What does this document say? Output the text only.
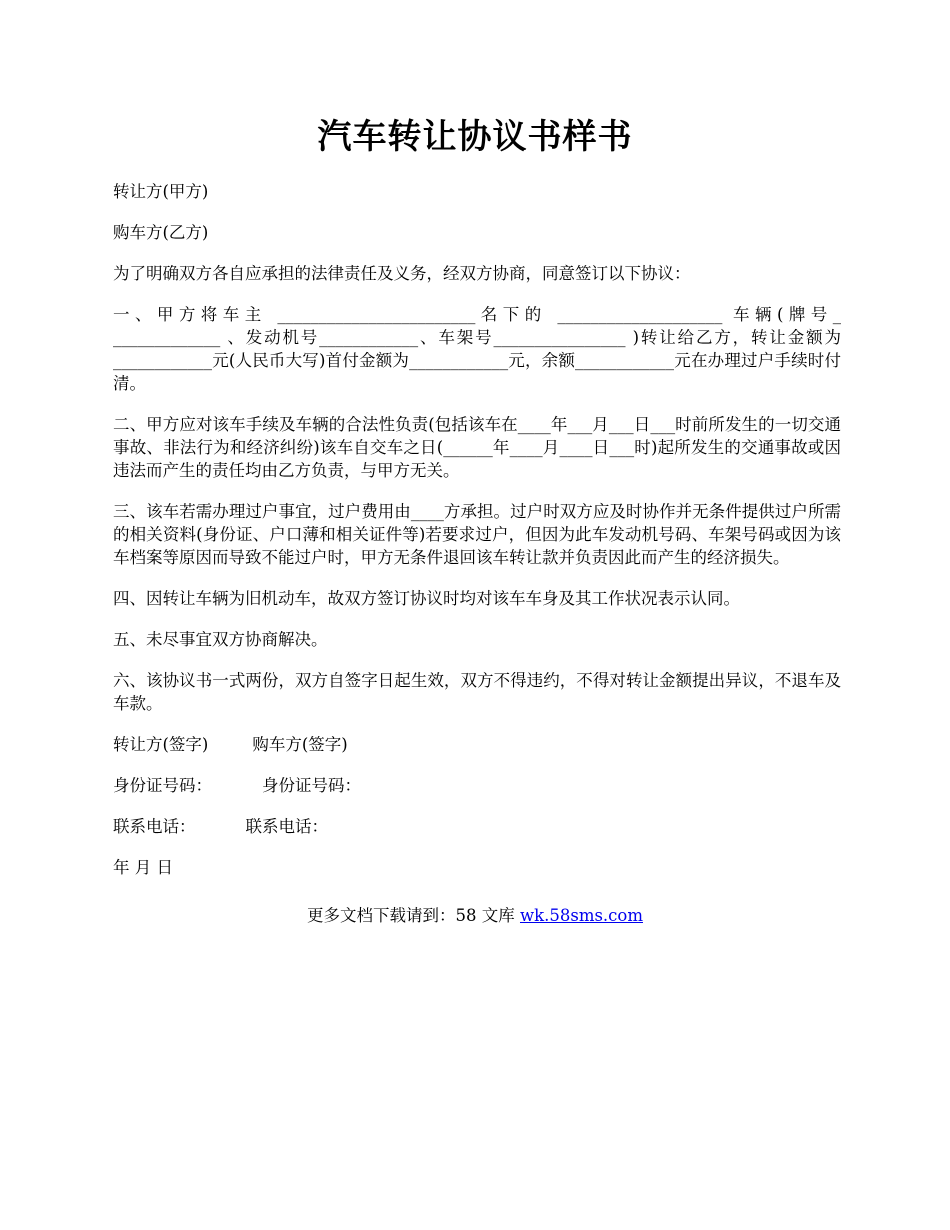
汽车转让协议书样书

转让方(甲方)

购车方(乙方)

为了明确双方各自应承担的法律责任及义务，经双方协商，同意签订以下协议：

一、甲方将车主 ________________________名下的 ____________________ 车辆(牌号_ _____________ 、发动机号____________、车架号________________ )转让给乙方，转让金额为____________元(人民币大写)首付金额为____________元，余额____________元在办理过户手续时付清。

二、甲方应对该车手续及车辆的合法性负责(包括该车在____年___月___日___时前所发生的一切交通事故、非法行为和经济纠纷)该车自交车之日(______年____月____日___时)起所发生的交通事故或因违法而产生的责任均由乙方负责，与甲方无关。

三、该车若需办理过户事宜，过户费用由____方承担。过户时双方应及时协作并无条件提供过户所需的相关资料(身份证、户口薄和相关证件等)若要求过户，但因为此车发动机号码、车架号码或因为该车档案等原因而导致不能过户时，甲方无条件退回该车转让款并负责因此而产生的经济损失。

四、因转让车辆为旧机动车，故双方签订协议时均对该车车身及其工作状况表示认同。

五、未尽事宜双方协商解决。

六、该协议书一式两份，双方自签字日起生效，双方不得违约，不得对转让金额提出异议，不退车及车款。

转让方(签字)	购车方(签字)
身份证号码：	身份证号码：
联系电话：	联系电话：
年 月 日
更多文档下载请到：58 文库 wk.58sms.com
